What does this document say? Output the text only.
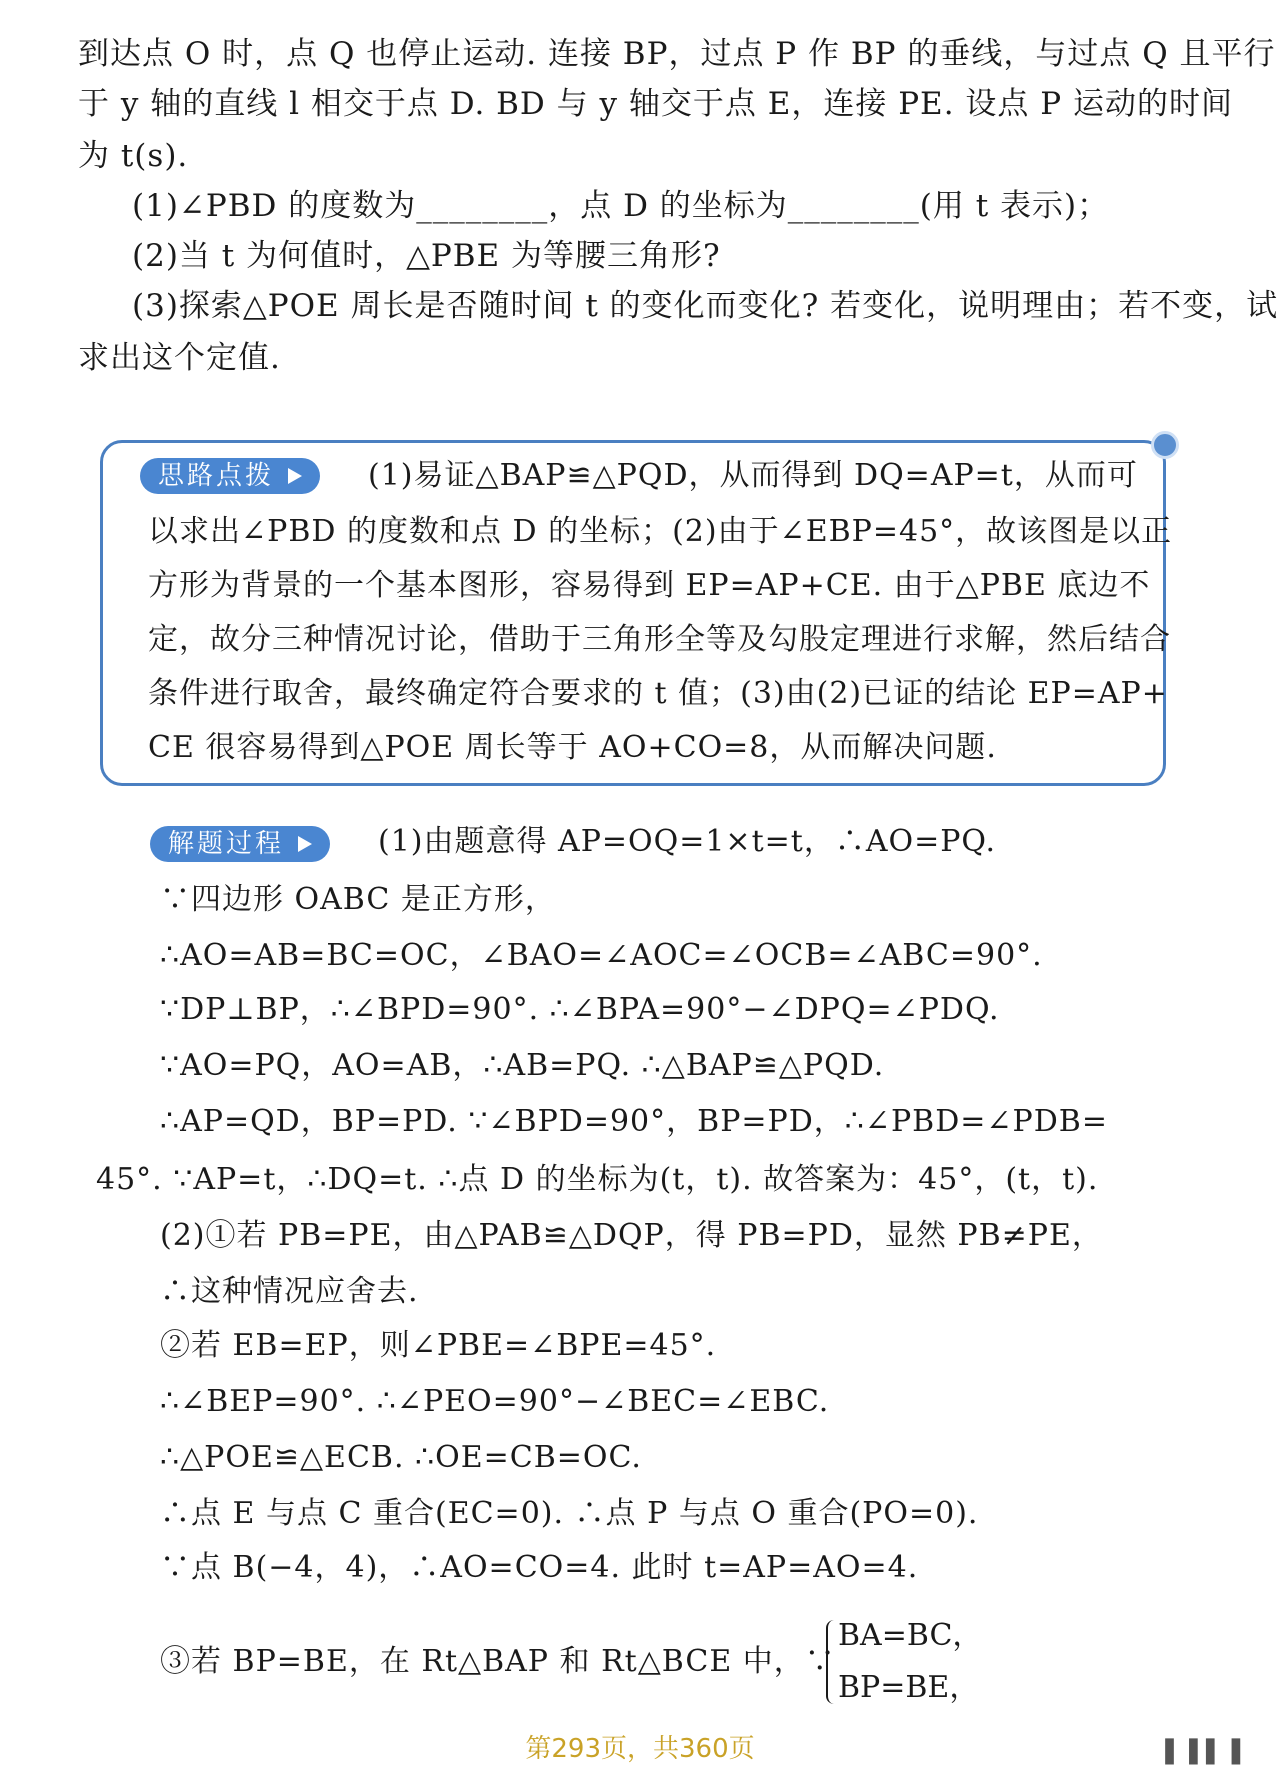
到达点 O 时，点 Q 也停止运动. 连接 BP，过点 P 作 BP 的垂线，与过点 Q 且平行
于 y 轴的直线 l 相交于点 D. BD 与 y 轴交于点 E，连接 PE. 设点 P 运动的时间
为 t(s).
(1)∠PBD 的度数为________，点 D 的坐标为________(用 t 表示)；
(2)当 t 为何值时，△PBE 为等腰三角形?
(3)探索△POE 周长是否随时间 t 的变化而变化? 若变化，说明理由；若不变，试
求出这个定值.
思路点拨	(1)易证△BAP≌△PQD，从而得到 DQ=AP=t，从而可
以求出∠PBD 的度数和点 D 的坐标；(2)由于∠EBP=45°，故该图是以正
方形为背景的一个基本图形，容易得到 EP=AP+CE. 由于△PBE 底边不
定，故分三种情况讨论，借助于三角形全等及勾股定理进行求解，然后结合
条件进行取舍，最终确定符合要求的 t 值；(3)由(2)已证的结论 EP=AP+
CE 很容易得到△POE 周长等于 AO+CO=8，从而解决问题.
解题过程	(1)由题意得 AP=OQ=1×t=t，∴AO=PQ.
∵四边形 OABC 是正方形，
∴AO=AB=BC=OC，∠BAO=∠AOC=∠OCB=∠ABC=90°.
∵DP⊥BP，∴∠BPD=90°. ∴∠BPA=90°−∠DPQ=∠PDQ.
∵AO=PQ，AO=AB，∴AB=PQ. ∴△BAP≌△PQD.
∴AP=QD，BP=PD. ∵∠BPD=90°，BP=PD，∴∠PBD=∠PDB=
45°. ∵AP=t，∴DQ=t. ∴点 D 的坐标为(t，t). 故答案为：45°，(t，t).
(2)①若 PB=PE，由△PAB≌△DQP，得 PB=PD，显然 PB≠PE，
∴这种情况应舍去.
②若 EB=EP，则∠PBE=∠BPE=45°.
∴∠BEP=90°. ∴∠PEO=90°−∠BEC=∠EBC.
∴△POE≌△ECB. ∴OE=CB=OC.
∴点 E 与点 C 重合(EC=0). ∴点 P 与点 O 重合(PO=0).
∵点 B(−4，4)，∴AO=CO=4. 此时 t=AP=AO=4.
③若 BP=BE，在 Rt△BAP 和 Rt△BCE 中，∵
BA=BC，
BP=BE，
第293页，共360页	▌ ▌▌▐
